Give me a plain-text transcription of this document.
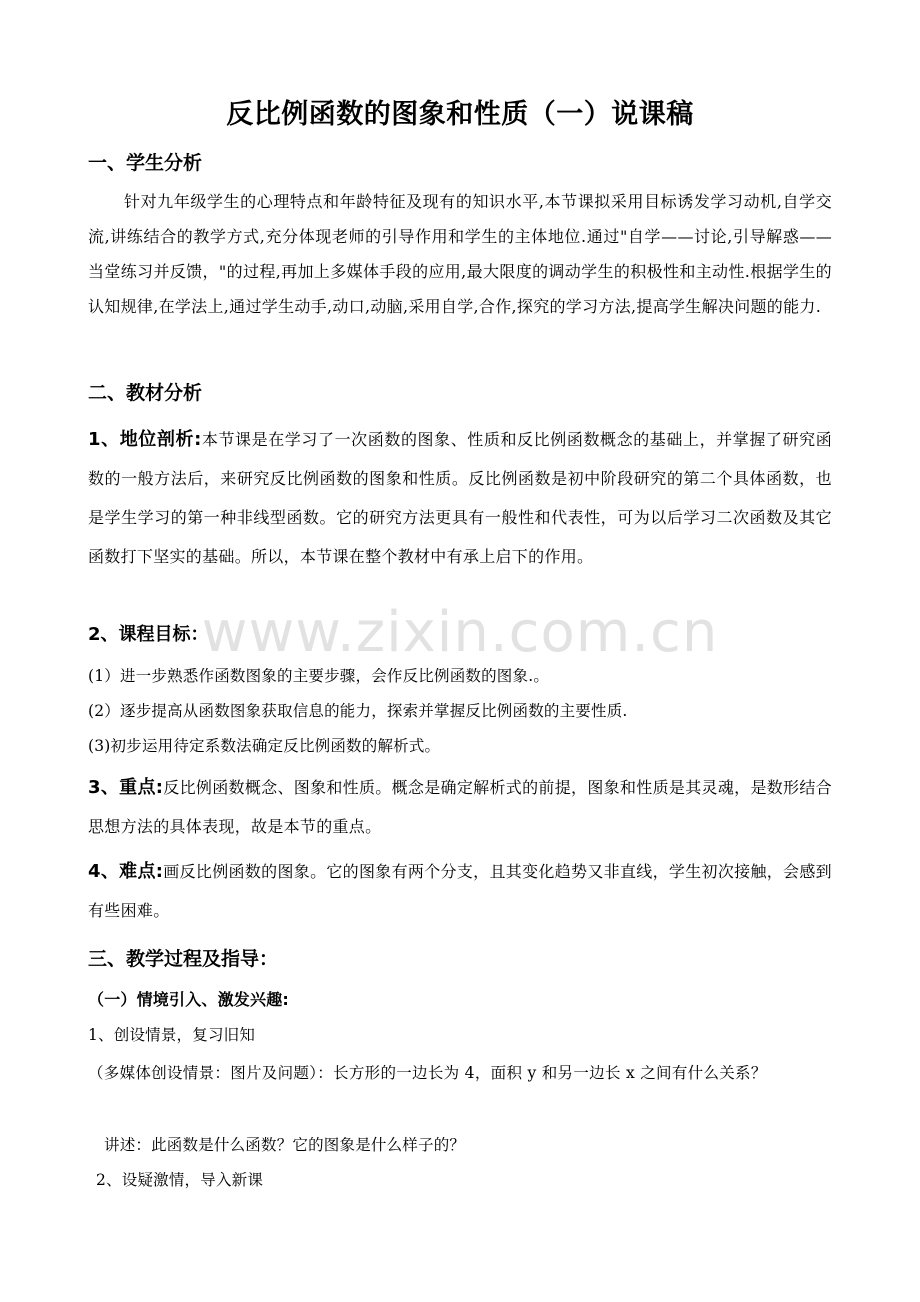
www.zixin.com.cn
反比例函数的图象和性质（一）说课稿
一、学生分析
针对九年级学生的心理特点和年龄特征及现有的知识水平,本节课拟采用目标诱发学习动机,自学交流,讲练结合的教学方式,充分体现老师的引导作用和学生的主体地位.通过"自学——讨论,引导解惑——当堂练习并反馈，"的过程,再加上多媒体手段的应用,最大限度的调动学生的积极性和主动性.根据学生的认知规律,在学法上,通过学生动手,动口,动脑,采用自学,合作,探究的学习方法,提高学生解决问题的能力.
二、教材分析
1、地位剖析:本节课是在学习了一次函数的图象、性质和反比例函数概念的基础上，并掌握了研究函数的一般方法后，来研究反比例函数的图象和性质。反比例函数是初中阶段研究的第二个具体函数，也是学生学习的第一种非线型函数。它的研究方法更具有一般性和代表性，可为以后学习二次函数及其它函数打下坚实的基础。所以，本节课在整个教材中有承上启下的作用。
2、课程目标：
(1）进一步熟悉作函数图象的主要步骤，会作反比例函数的图象.。
(2）逐步提高从函数图象获取信息的能力，探索并掌握反比例函数的主要性质.
(3)初步运用待定系数法确定反比例函数的解析式。
3、重点:反比例函数概念、图象和性质。概念是确定解析式的前提，图象和性质是其灵魂，是数形结合思想方法的具体表现，故是本节的重点。
4、难点:画反比例函数的图象。它的图象有两个分支，且其变化趋势又非直线，学生初次接触，会感到有些困难。
三、教学过程及指导：
（一）情境引入、激发兴趣:
1、创设情景，复习旧知
（多媒体创设情景：图片及问题）：长方形的一边长为 4，面积 y 和另一边长 x 之间有什么关系？
讲述：此函数是什么函数？它的图象是什么样子的？
2、设疑激情，导入新课
